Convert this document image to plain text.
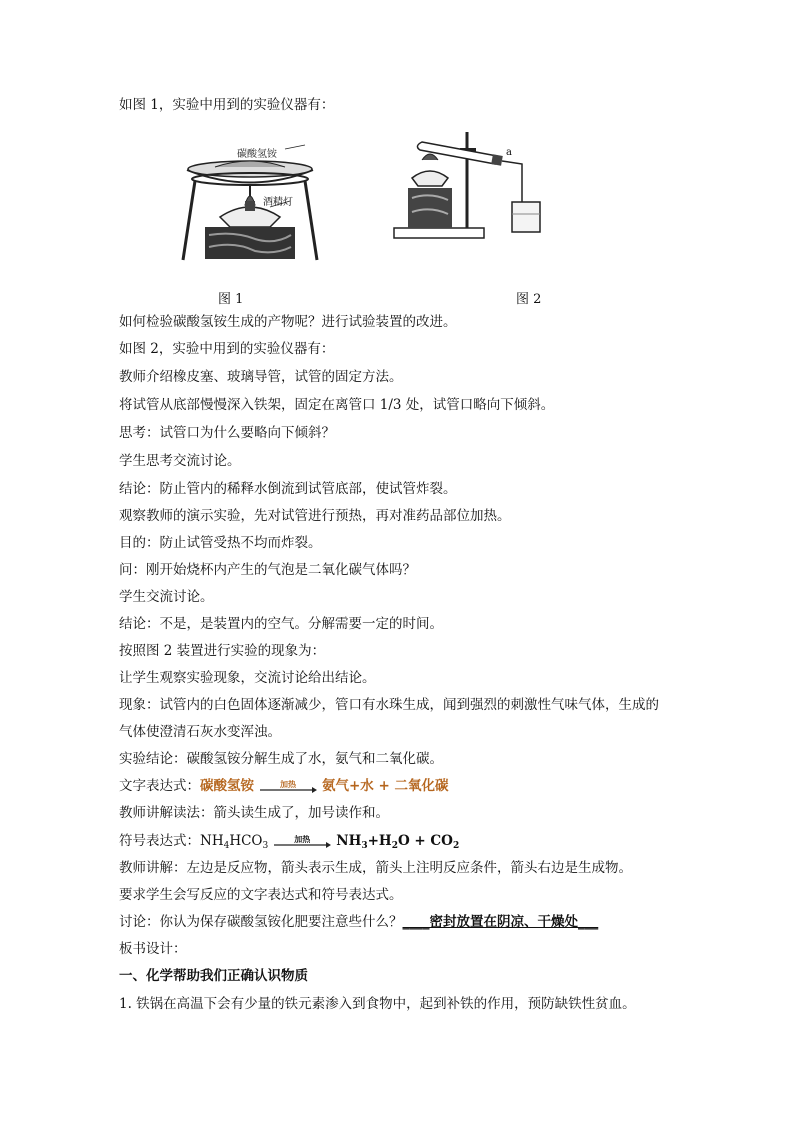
如图 1，实验中用到的实验仪器有：
碳酸氢铵
酒精灯
a
图 1	图 2
如何检验碳酸氢铵生成的产物呢？进行试验装置的改进。
如图 2，实验中用到的实验仪器有：
教师介绍橡皮塞、玻璃导管，试管的固定方法。
将试管从底部慢慢深入铁架，固定在离管口 1/3 处，试管口略向下倾斜。
思考：试管口为什么要略向下倾斜？
学生思考交流讨论。
结论：防止管内的稀释水倒流到试管底部，使试管炸裂。
观察教师的演示实验，先对试管进行预热，再对准药品部位加热。
目的：防止试管受热不均而炸裂。
问：刚开始烧杯内产生的气泡是二氧化碳气体吗？
学生交流讨论。
结论：不是，是装置内的空气。分解需要一定的时间。
按照图 2 装置进行实验的现象为：
让学生观察实验现象，交流讨论给出结论。
现象：试管内的白色固体逐渐减少，管口有水珠生成，闻到强烈的刺激性气味气体，生成的
气体使澄清石灰水变浑浊。
实验结论：碳酸氢铵分解生成了水，氨气和二氧化碳。
文字表达式：碳酸氢铵	加热	氨气+水 + 二氧化碳
教师讲解读法：箭头读生成了，加号读作和。
符号表达式：$NH_4HCO_3$
加热	$NH_3+H_2O + CO_2$
教师讲解：左边是反应物，箭头表示生成，箭头上注明反应条件，箭头右边是生成物。
要求学生会写反应的文字表达式和符号表达式。
讨论：你认为保存碳酸氢铵化肥要注意些什么？____密封放置在阴凉、干燥处___
板书设计：
一、化学帮助我们正确认识物质
1. 铁锅在高温下会有少量的铁元素渗入到食物中，起到补铁的作用，预防缺铁性贫血。
